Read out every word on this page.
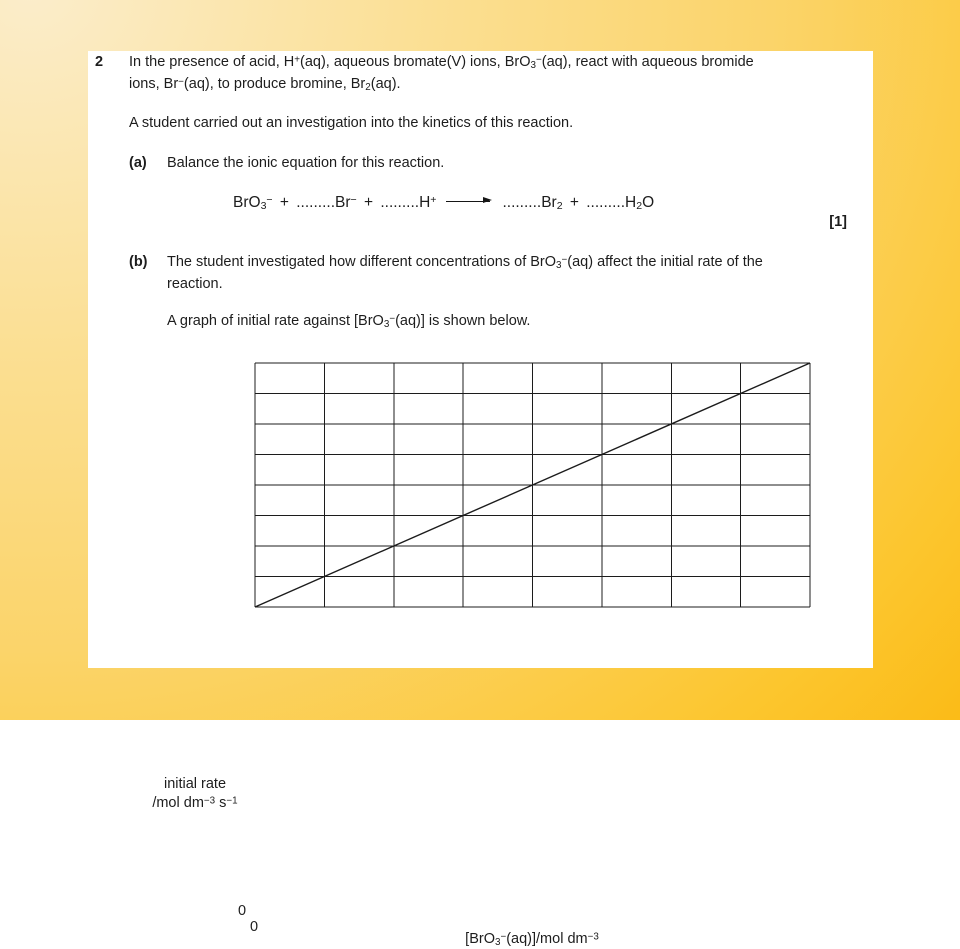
2 In the presence of acid, H+(aq), aqueous bromate(V) ions, BrO$_3$−(aq), react with aqueous bromide
ions, Br−(aq), to produce bromine, $Br_2(aq)$.
A student carried out an investigation into the kinetics of this reaction.
(a) Balance the ionic equation for this reaction.
$BrO_3^- + .........Br^- + .........H^+ \to .........Br_2 + .........H_2O$
[1]
(b) The student investigated how different concentrations of BrO$_3$−(aq) affect the initial rate of the
reaction.
A graph of initial rate against [BrO$_3$−(aq)] is shown below.
initial rate
/mol $dm^{-3}$ $s^{-1}$
0
0
[BrO$_3$−(aq)]/mol $dm^{-3}$
